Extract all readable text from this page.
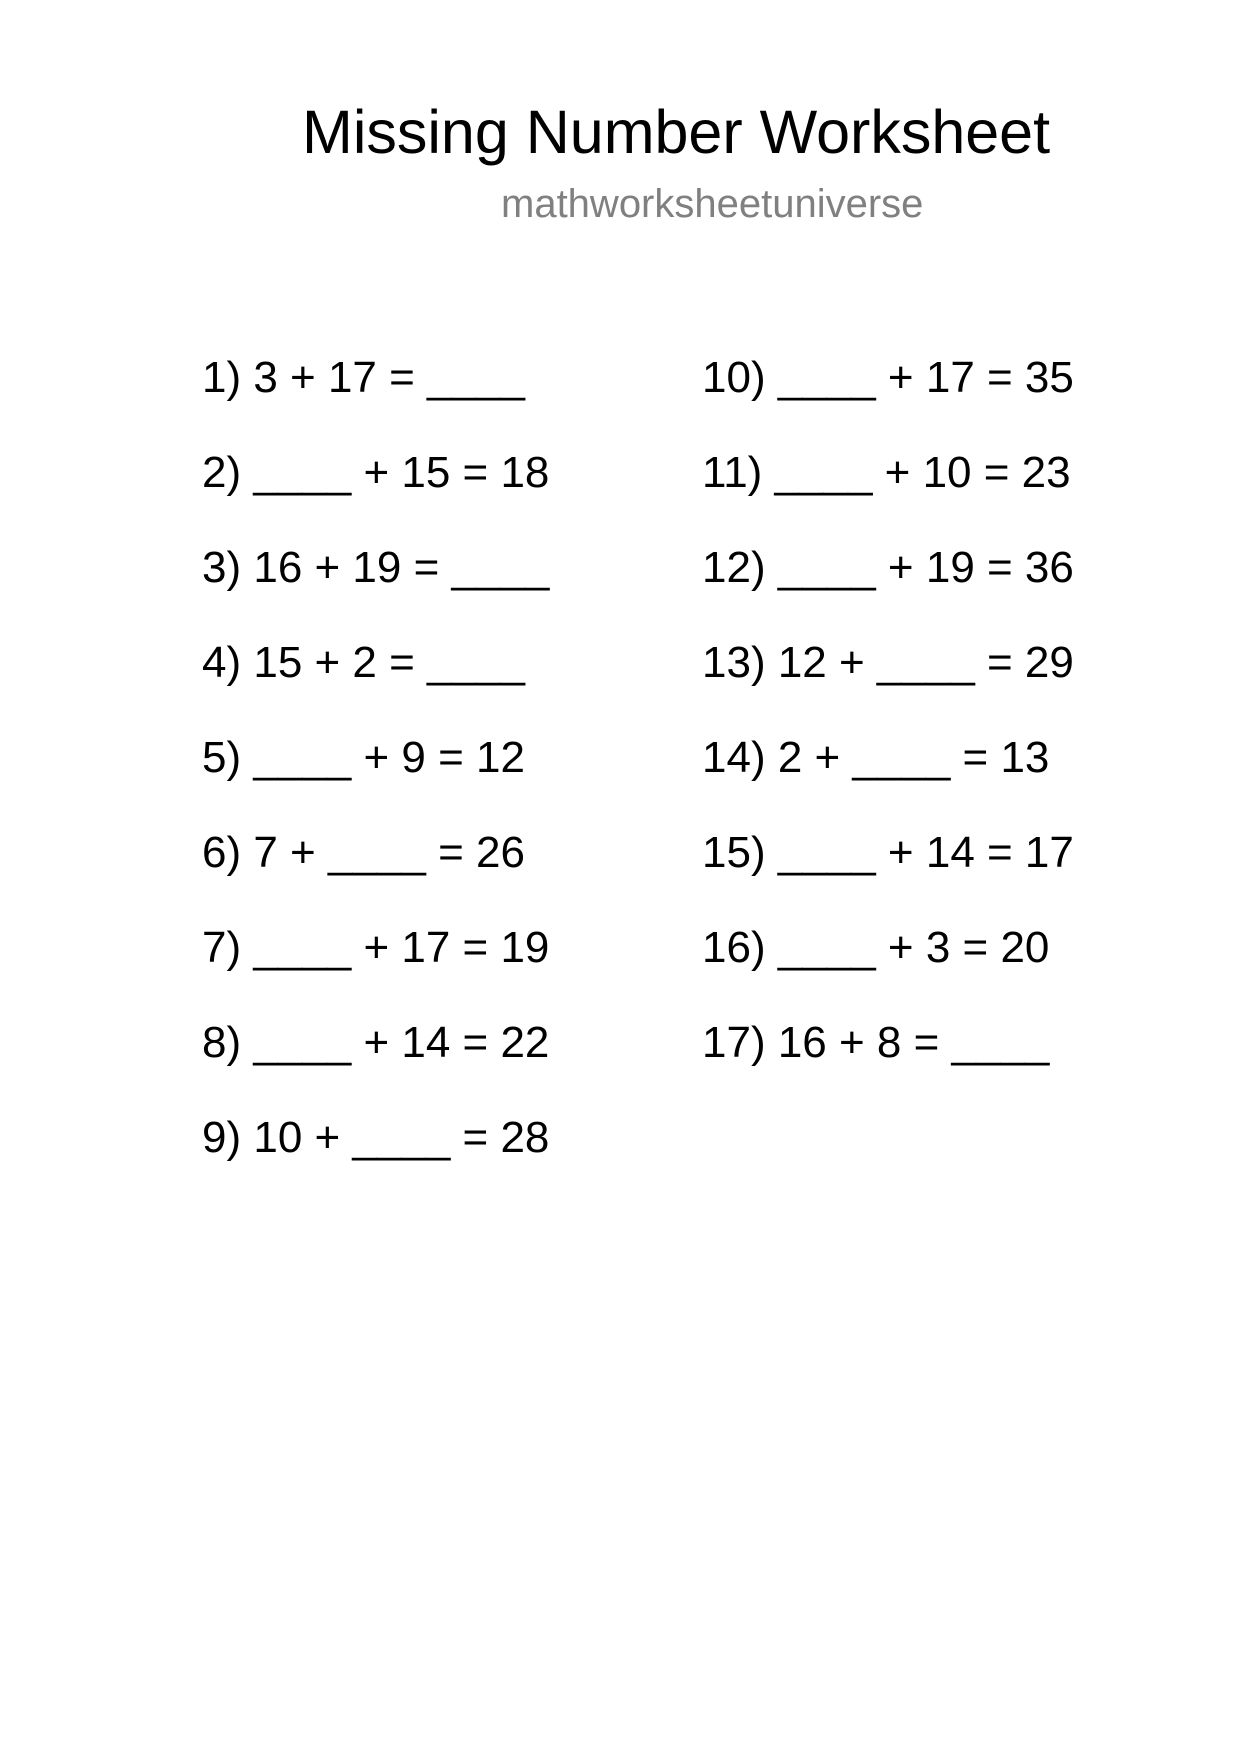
Missing Number Worksheet
mathworksheetuniverse
1) 3 + 17 = ____
2) ____ + 15 = 18
3) 16 + 19 = ____
4) 15 + 2 = ____
5) ____ + 9 = 12
6) 7 + ____ = 26
7) ____ + 17 = 19
8) ____ + 14 = 22
9) 10 + ____ = 28
10) ____ + 17 = 35
11) ____ + 10 = 23
12) ____ + 19 = 36
13) 12 + ____ = 29
14) 2 + ____ = 13
15) ____ + 14 = 17
16) ____ + 3 = 20
17) 16 + 8 = ____
